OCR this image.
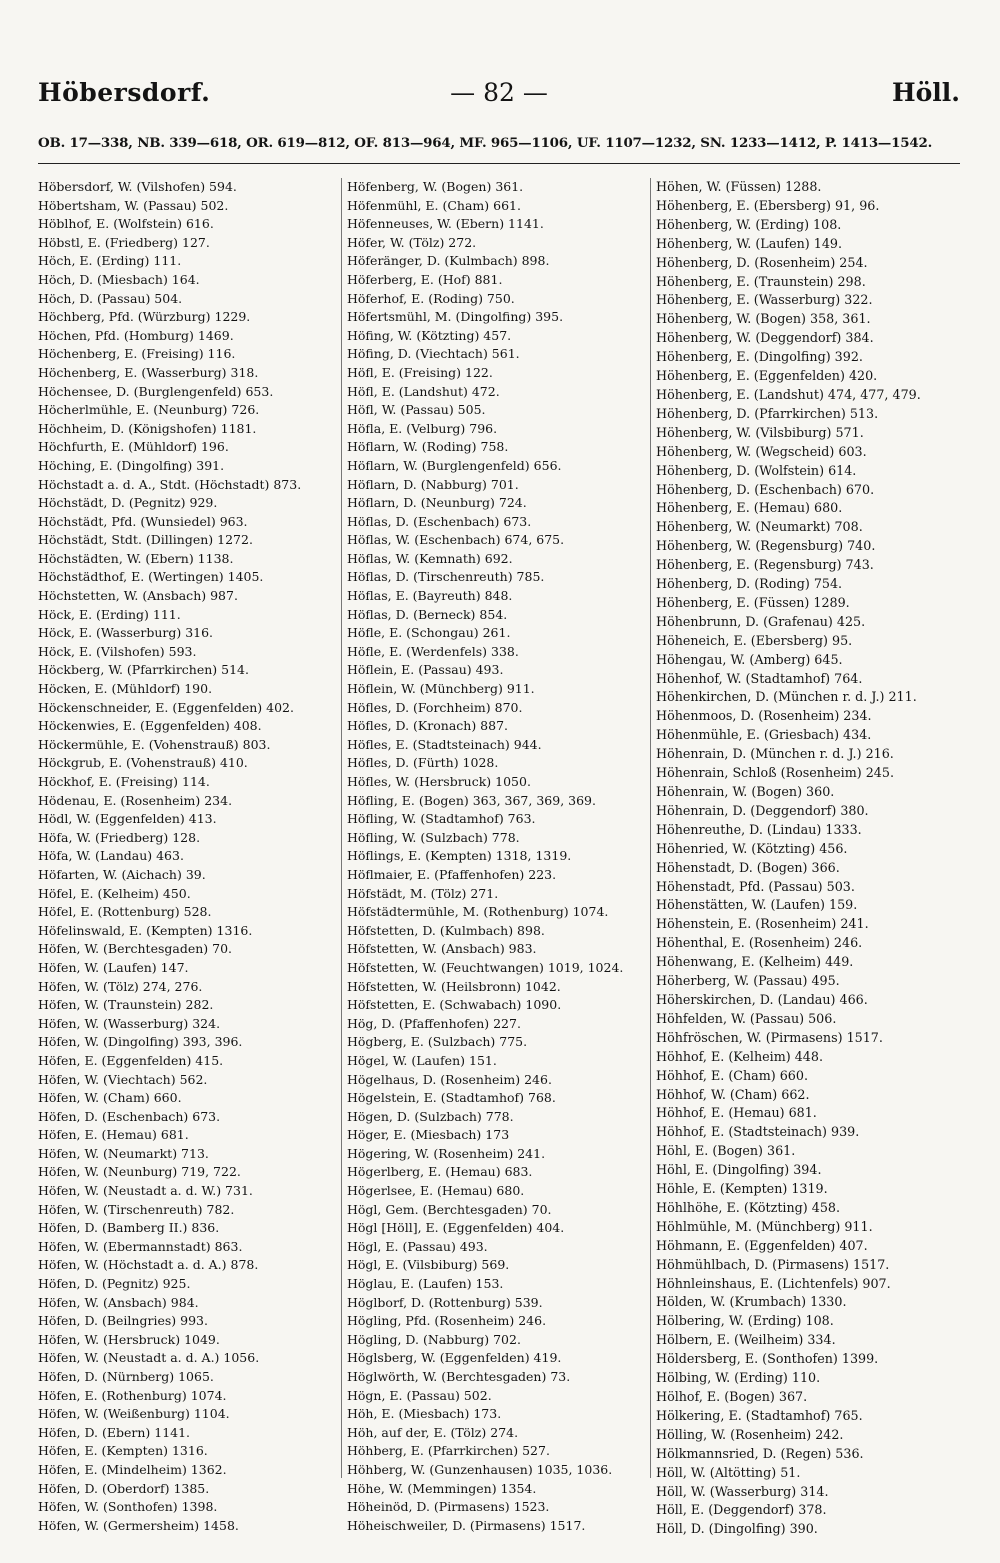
Höbersdorf.	— 82 —	Höll.
OB. 17—338, NB. 339—618, OR. 619—812, OF. 813—964, MF. 965—1106, UF. 1107—1232, SN. 1233—1412, P. 1413—1542.
Höbersdorf, W. (Vilshofen) 594.
Höbertsham, W. (Passau) 502.
Höblhof, E. (Wolfstein) 616.
Höbstl, E. (Friedberg) 127.
Höch, E. (Erding) 111.
Höch, D. (Miesbach) 164.
Höch, D. (Passau) 504.
Höchberg, Pfd. (Würzburg) 1229.
Höchen, Pfd. (Homburg) 1469.
Höchenberg, E. (Freising) 116.
Höchenberg, E. (Wasserburg) 318.
Höchensee, D. (Burglengenfeld) 653.
Höcherlmühle, E. (Neunburg) 726.
Höchheim, D. (Königshofen) 1181.
Höchfurth, E. (Mühldorf) 196.
Höching, E. (Dingolfing) 391.
Höchstadt a. d. A., Stdt. (Höchstadt) 873.
Höchstädt, D. (Pegnitz) 929.
Höchstädt, Pfd. (Wunsiedel) 963.
Höchstädt, Stdt. (Dillingen) 1272.
Höchstädten, W. (Ebern) 1138.
Höchstädthof, E. (Wertingen) 1405.
Höchstetten, W. (Ansbach) 987.
Höck, E. (Erding) 111.
Höck, E. (Wasserburg) 316.
Höck, E. (Vilshofen) 593.
Höckberg, W. (Pfarrkirchen) 514.
Höcken, E. (Mühldorf) 190.
Höckenschneider, E. (Eggenfelden) 402.
Höckenwies, E. (Eggenfelden) 408.
Höckermühle, E. (Vohenstrauß) 803.
Höckgrub, E. (Vohenstrauß) 410.
Höckhof, E. (Freising) 114.
Hödenau, E. (Rosenheim) 234.
Hödl, W. (Eggenfelden) 413.
Höfa, W. (Friedberg) 128.
Höfa, W. (Landau) 463.
Höfarten, W. (Aichach) 39.
Höfel, E. (Kelheim) 450.
Höfel, E. (Rottenburg) 528.
Höfelinswald, E. (Kempten) 1316.
Höfen, W. (Berchtesgaden) 70.
Höfen, W. (Laufen) 147.
Höfen, W. (Tölz) 274, 276.
Höfen, W. (Traunstein) 282.
Höfen, W. (Wasserburg) 324.
Höfen, W. (Dingolfing) 393, 396.
Höfen, E. (Eggenfelden) 415.
Höfen, W. (Viechtach) 562.
Höfen, W. (Cham) 660.
Höfen, D. (Eschenbach) 673.
Höfen, E. (Hemau) 681.
Höfen, W. (Neumarkt) 713.
Höfen, W. (Neunburg) 719, 722.
Höfen, W. (Neustadt a. d. W.) 731.
Höfen, W. (Tirschenreuth) 782.
Höfen, D. (Bamberg II.) 836.
Höfen, W. (Ebermannstadt) 863.
Höfen, W. (Höchstadt a. d. A.) 878.
Höfen, D. (Pegnitz) 925.
Höfen, W. (Ansbach) 984.
Höfen, D. (Beilngries) 993.
Höfen, W. (Hersbruck) 1049.
Höfen, W. (Neustadt a. d. A.) 1056.
Höfen, D. (Nürnberg) 1065.
Höfen, E. (Rothenburg) 1074.
Höfen, W. (Weißenburg) 1104.
Höfen, D. (Ebern) 1141.
Höfen, E. (Kempten) 1316.
Höfen, E. (Mindelheim) 1362.
Höfen, D. (Oberdorf) 1385.
Höfen, W. (Sonthofen) 1398.
Höfen, W. (Germersheim) 1458.
Höfenberg, W. (Bogen) 361.
Höfenmühl, E. (Cham) 661.
Höfenneuses, W. (Ebern) 1141.
Höfer, W. (Tölz) 272.
Höferänger, D. (Kulmbach) 898.
Höferberg, E. (Hof) 881.
Höferhof, E. (Roding) 750.
Höfertsmühl, M. (Dingolfing) 395.
Höfing, W. (Kötzting) 457.
Höfing, D. (Viechtach) 561.
Höfl, E. (Freising) 122.
Höfl, E. (Landshut) 472.
Höfl, W. (Passau) 505.
Höfla, E. (Velburg) 796.
Höflarn, W. (Roding) 758.
Höflarn, W. (Burglengenfeld) 656.
Höflarn, D. (Nabburg) 701.
Höflarn, D. (Neunburg) 724.
Höflas, D. (Eschenbach) 673.
Höflas, W. (Eschenbach) 674, 675.
Höflas, W. (Kemnath) 692.
Höflas, D. (Tirschenreuth) 785.
Höflas, E. (Bayreuth) 848.
Höflas, D. (Berneck) 854.
Höfle, E. (Schongau) 261.
Höfle, E. (Werdenfels) 338.
Höflein, E. (Passau) 493.
Höflein, W. (Münchberg) 911.
Höfles, D. (Forchheim) 870.
Höfles, D. (Kronach) 887.
Höfles, E. (Stadtsteinach) 944.
Höfles, D. (Fürth) 1028.
Höfles, W. (Hersbruck) 1050.
Höfling, E. (Bogen) 363, 367, 369, 369.
Höfling, W. (Stadtamhof) 763.
Höfling, W. (Sulzbach) 778.
Höflings, E. (Kempten) 1318, 1319.
Höflmaier, E. (Pfaffenhofen) 223.
Höfstädt, M. (Tölz) 271.
Höfstädtermühle, M. (Rothenburg) 1074.
Höfstetten, D. (Kulmbach) 898.
Höfstetten, W. (Ansbach) 983.
Höfstetten, W. (Feuchtwangen) 1019, 1024.
Höfstetten, W. (Heilsbronn) 1042.
Höfstetten, E. (Schwabach) 1090.
Hög, D. (Pfaffenhofen) 227.
Högberg, E. (Sulzbach) 775.
Högel, W. (Laufen) 151.
Högelhaus, D. (Rosenheim) 246.
Högelstein, E. (Stadtamhof) 768.
Högen, D. (Sulzbach) 778.
Höger, E. (Miesbach) 173
Högering, W. (Rosenheim) 241.
Högerlberg, E. (Hemau) 683.
Högerlsee, E. (Hemau) 680.
Högl, Gem. (Berchtesgaden) 70.
Högl [Höll], E. (Eggenfelden) 404.
Högl, E. (Passau) 493.
Högl, E. (Vilsbiburg) 569.
Höglau, E. (Laufen) 153.
Höglborf, D. (Rottenburg) 539.
Högling, Pfd. (Rosenheim) 246.
Högling, D. (Nabburg) 702.
Höglsberg, W. (Eggenfelden) 419.
Höglwörth, W. (Berchtesgaden) 73.
Högn, E. (Passau) 502.
Höh, E. (Miesbach) 173.
Höh, auf der, E. (Tölz) 274.
Höhberg, E. (Pfarrkirchen) 527.
Höhberg, W. (Gunzenhausen) 1035, 1036.
Höhe, W. (Memmingen) 1354.
Höheinöd, D. (Pirmasens) 1523.
Höheischweiler, D. (Pirmasens) 1517.
Höhen, W. (Füssen) 1288.
Höhenberg, E. (Ebersberg) 91, 96.
Höhenberg, W. (Erding) 108.
Höhenberg, W. (Laufen) 149.
Höhenberg, D. (Rosenheim) 254.
Höhenberg, E. (Traunstein) 298.
Höhenberg, E. (Wasserburg) 322.
Höhenberg, W. (Bogen) 358, 361.
Höhenberg, W. (Deggendorf) 384.
Höhenberg, E. (Dingolfing) 392.
Höhenberg, E. (Eggenfelden) 420.
Höhenberg, E. (Landshut) 474, 477, 479.
Höhenberg, D. (Pfarrkirchen) 513.
Höhenberg, W. (Vilsbiburg) 571.
Höhenberg, W. (Wegscheid) 603.
Höhenberg, D. (Wolfstein) 614.
Höhenberg, D. (Eschenbach) 670.
Höhenberg, E. (Hemau) 680.
Höhenberg, W. (Neumarkt) 708.
Höhenberg, W. (Regensburg) 740.
Höhenberg, E. (Regensburg) 743.
Höhenberg, D. (Roding) 754.
Höhenberg, E. (Füssen) 1289.
Höhenbrunn, D. (Grafenau) 425.
Höheneich, E. (Ebersberg) 95.
Höhengau, W. (Amberg) 645.
Höhenhof, W. (Stadtamhof) 764.
Höhenkirchen, D. (München r. d. J.) 211.
Höhenmoos, D. (Rosenheim) 234.
Höhenmühle, E. (Griesbach) 434.
Höhenrain, D. (München r. d. J.) 216.
Höhenrain, Schloß (Rosenheim) 245.
Höhenrain, W. (Bogen) 360.
Höhenrain, D. (Deggendorf) 380.
Höhenreuthe, D. (Lindau) 1333.
Höhenried, W. (Kötzting) 456.
Höhenstadt, D. (Bogen) 366.
Höhenstadt, Pfd. (Passau) 503.
Höhenstätten, W. (Laufen) 159.
Höhenstein, E. (Rosenheim) 241.
Höhenthal, E. (Rosenheim) 246.
Höhenwang, E. (Kelheim) 449.
Höherberg, W. (Passau) 495.
Höherskirchen, D. (Landau) 466.
Höhfelden, W. (Passau) 506.
Höhfröschen, W. (Pirmasens) 1517.
Höhhof, E. (Kelheim) 448.
Höhhof, E. (Cham) 660.
Höhhof, W. (Cham) 662.
Höhhof, E. (Hemau) 681.
Höhhof, E. (Stadtsteinach) 939.
Höhl, E. (Bogen) 361.
Höhl, E. (Dingolfing) 394.
Höhle, E. (Kempten) 1319.
Höhlhöhe, E. (Kötzting) 458.
Höhlmühle, M. (Münchberg) 911.
Höhmann, E. (Eggenfelden) 407.
Höhmühlbach, D. (Pirmasens) 1517.
Höhnleinshaus, E. (Lichtenfels) 907.
Hölden, W. (Krumbach) 1330.
Hölbering, W. (Erding) 108.
Hölbern, E. (Weilheim) 334.
Höldersberg, E. (Sonthofen) 1399.
Hölbing, W. (Erding) 110.
Hölhof, E. (Bogen) 367.
Hölkering, E. (Stadtamhof) 765.
Hölling, W. (Rosenheim) 242.
Hölkmannsried, D. (Regen) 536.
Höll, W. (Altötting) 51.
Höll, W. (Wasserburg) 314.
Höll, E. (Deggendorf) 378.
Höll, D. (Dingolfing) 390.
